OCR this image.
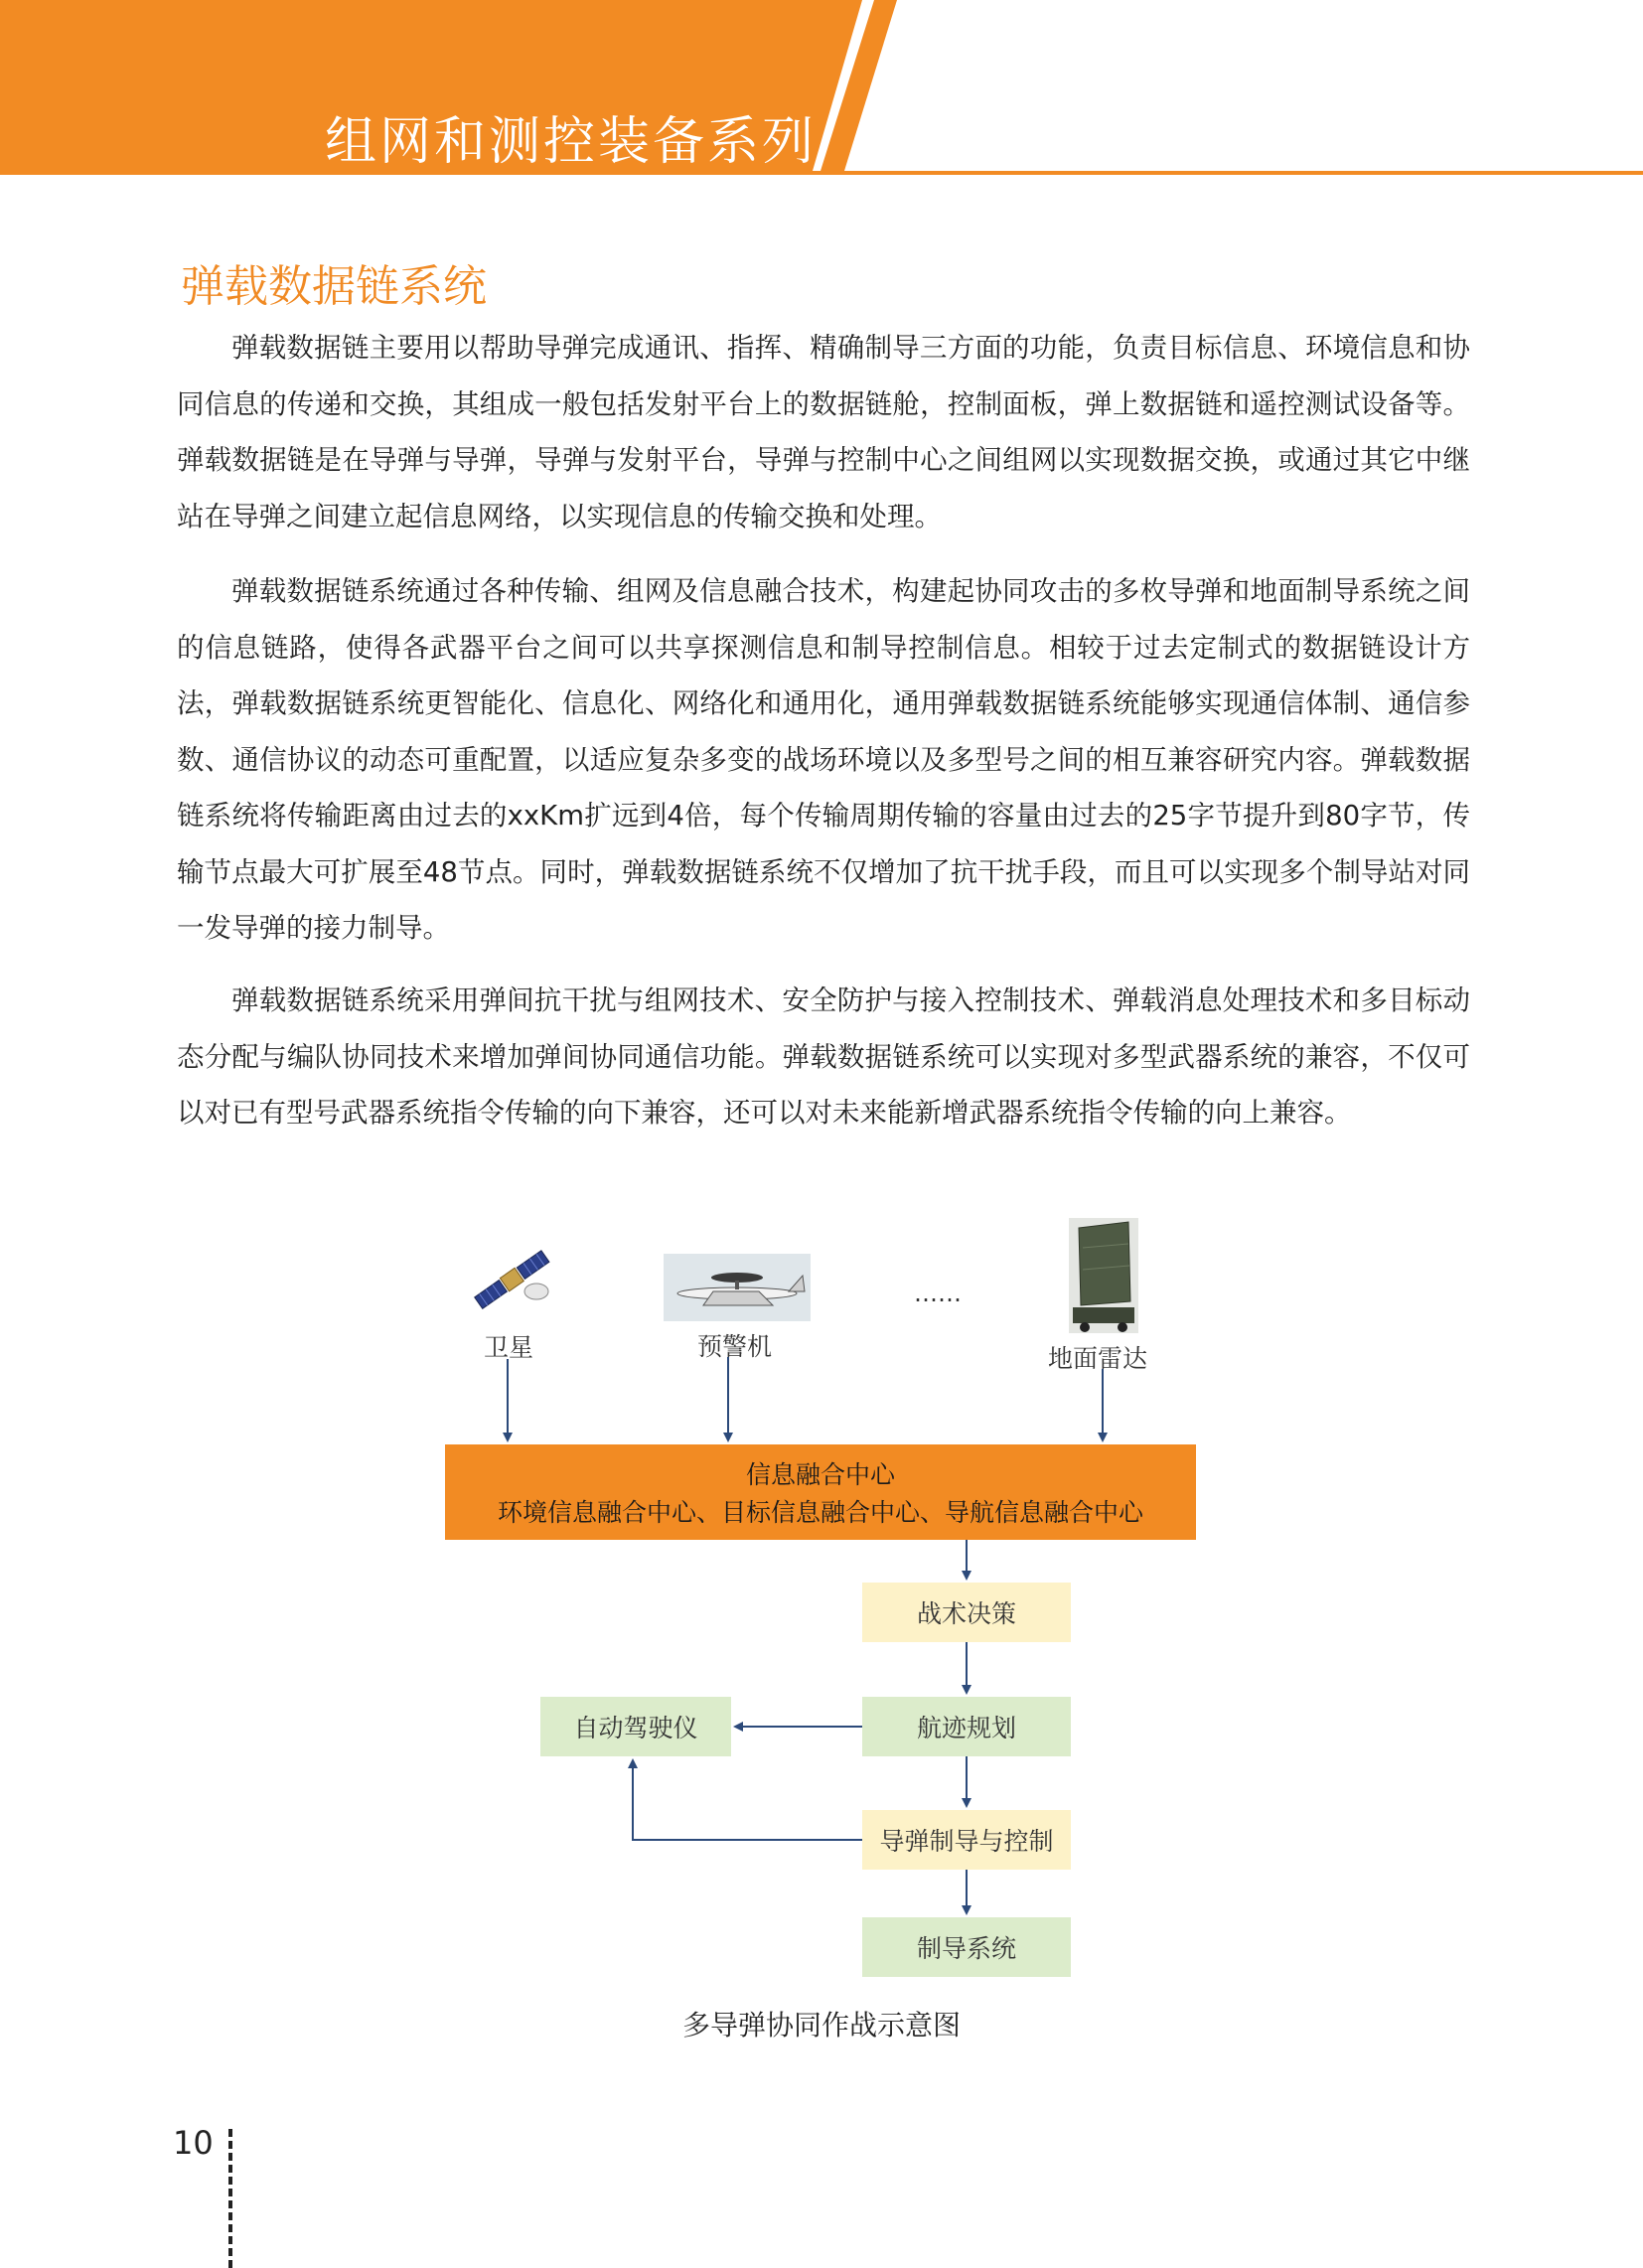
组网和测控装备系列
弹载数据链系统

弹载数据链主要用以帮助导弹完成通讯、指挥、精确制导三方面的功能，负责目标信息、环境信息和协同信息的传递和交换，其组成一般包括发射平台上的数据链舱，控制面板，弹上数据链和遥控测试设备等。弹载数据链是在导弹与导弹，导弹与发射平台，导弹与控制中心之间组网以实现数据交换，或通过其它中继站在导弹之间建立起信息网络，以实现信息的传输交换和处理。

弹载数据链系统通过各种传输、组网及信息融合技术，构建起协同攻击的多枚导弹和地面制导系统之间的信息链路，使得各武器平台之间可以共享探测信息和制导控制信息。相较于过去定制式的数据链设计方法，弹载数据链系统更智能化、信息化、网络化和通用化，通用弹载数据链系统能够实现通信体制、通信参数、通信协议的动态可重配置，以适应复杂多变的战场环境以及多型号之间的相互兼容研究内容。弹载数据链系统将传输距离由过去的xxKm扩远到4倍，每个传输周期传输的容量由过去的25字节提升到80字节，传输节点最大可扩展至48节点。同时，弹载数据链系统不仅增加了抗干扰手段，而且可以实现多个制导站对同一发导弹的接力制导。

弹载数据链系统采用弹间抗干扰与组网技术、安全防护与接入控制技术、弹载消息处理技术和多目标动态分配与编队协同技术来增加弹间协同通信功能。弹载数据链系统可以实现对多型武器系统的兼容，不仅可以对已有型号武器系统指令传输的向下兼容，还可以对未来能新增武器系统指令传输的向上兼容。

卫星	预警机
……
地面雷达
信息融合中心
环境信息融合中心、目标信息融合中心、导航信息融合中心
战术决策
航迹规划
自动驾驶仪
导弹制导与控制
制导系统
多导弹协同作战示意图
10
